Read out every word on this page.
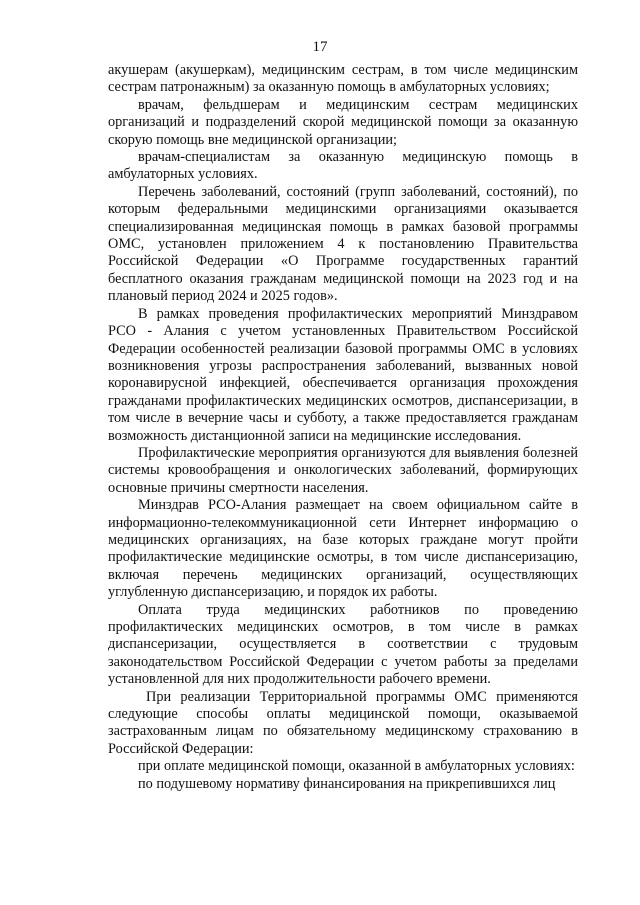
17

акушерам (акушеркам), медицинским сестрам, в том числе медицинским сестрам патронажным) за оказанную помощь в амбулаторных условиях;

врачам, фельдшерам и медицинским сестрам медицинских организаций и подразделений скорой медицинской помощи за оказанную скорую помощь вне медицинской организации;

врачам-специалистам за оказанную медицинскую помощь в амбулаторных условиях.

Перечень заболеваний, состояний (групп заболеваний, состояний), по которым федеральными медицинскими организациями оказывается специализированная медицинская помощь в рамках базовой программы ОМС, установлен приложением 4 к постановлению Правительства Российской Федерации «О Программе государственных гарантий бесплатного оказания гражданам медицинской помощи на 2023 год и на плановый период 2024 и 2025 годов».

В рамках проведения профилактических мероприятий Минздравом РСО - Алания с учетом установленных Правительством Российской Федерации особенностей реализации базовой программы ОМС в условиях возникновения угрозы распространения заболеваний, вызванных новой коронавирусной инфекцией, обеспечивается организация прохождения гражданами профилактических медицинских осмотров, диспансеризации, в том числе в вечерние часы и субботу, а также предоставляется гражданам возможность дистанционной записи на медицинские исследования.

Профилактические мероприятия организуются для выявления болезней системы кровообращения и онкологических заболеваний, формирующих основные причины смертности населения.

Минздрав РСО-Алания размещает на своем официальном сайте в информационно-телекоммуникационной сети Интернет информацию о медицинских организациях, на базе которых граждане могут пройти профилактические медицинские осмотры, в том числе диспансеризацию, включая перечень медицинских организаций, осуществляющих углубленную диспансеризацию, и порядок их работы.

Оплата труда медицинских работников по проведению профилактических медицинских осмотров, в том числе в рамках диспансеризации, осуществляется в соответствии с трудовым законодательством Российской Федерации с учетом работы за пределами установленной для них продолжительности рабочего времени.

При реализации Территориальной программы ОМС применяются следующие способы оплаты медицинской помощи, оказываемой застрахованным лицам по обязательному медицинскому страхованию в Российской Федерации:

при оплате медицинской помощи, оказанной в амбулаторных условиях:

по подушевому нормативу финансирования на прикрепившихся лиц
